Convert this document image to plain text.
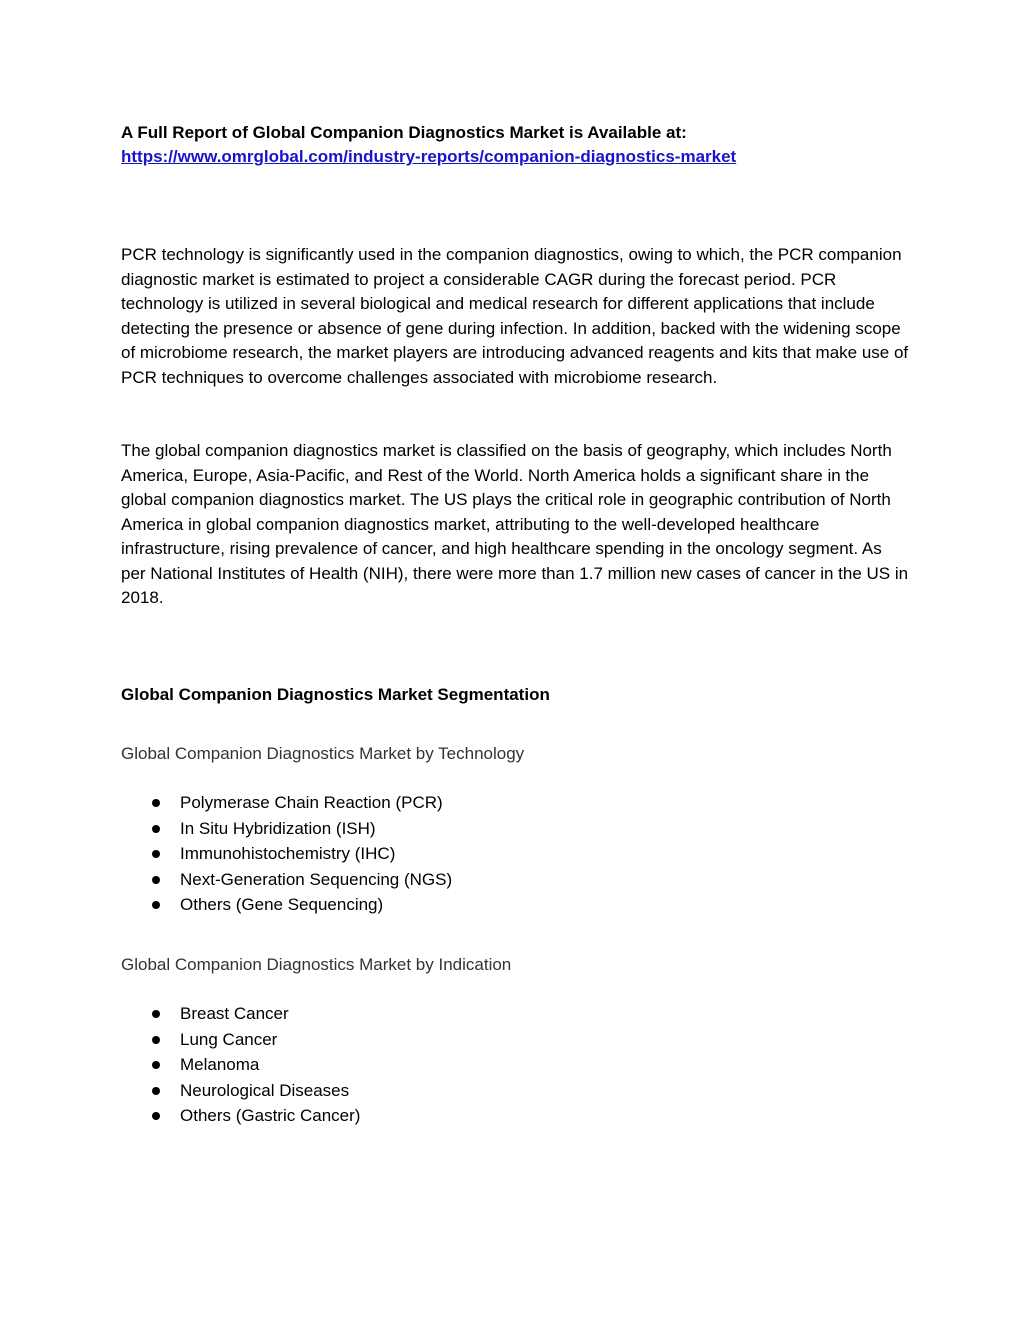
A Full Report of Global Companion Diagnostics Market is Available at:
https://www.omrglobal.com/industry-reports/companion-diagnostics-market

PCR technology is significantly used in the companion diagnostics, owing to which, the PCR companion diagnostic market is estimated to project a considerable CAGR during the forecast period. PCR technology is utilized in several biological and medical research for different applications that include detecting the presence or absence of gene during infection. In addition, backed with the widening scope of microbiome research, the market players are introducing advanced reagents and kits that make use of PCR techniques to overcome challenges associated with microbiome research.

The global companion diagnostics market is classified on the basis of geography, which includes North America, Europe, Asia-Pacific, and Rest of the World. North America holds a significant share in the global companion diagnostics market. The US plays the critical role in geographic contribution of North America in global companion diagnostics market, attributing to the well-developed healthcare infrastructure, rising prevalence of cancer, and high healthcare spending in the oncology segment. As per National Institutes of Health (NIH), there were more than 1.7 million new cases of cancer in the US in 2018.

Global Companion Diagnostics Market Segmentation
Global Companion Diagnostics Market by Technology
Polymerase Chain Reaction (PCR)
In Situ Hybridization (ISH)
Immunohistochemistry (IHC)
Next-Generation Sequencing (NGS)
Others (Gene Sequencing)
Global Companion Diagnostics Market by Indication
Breast Cancer
Lung Cancer
Melanoma
Neurological Diseases
Others (Gastric Cancer)
